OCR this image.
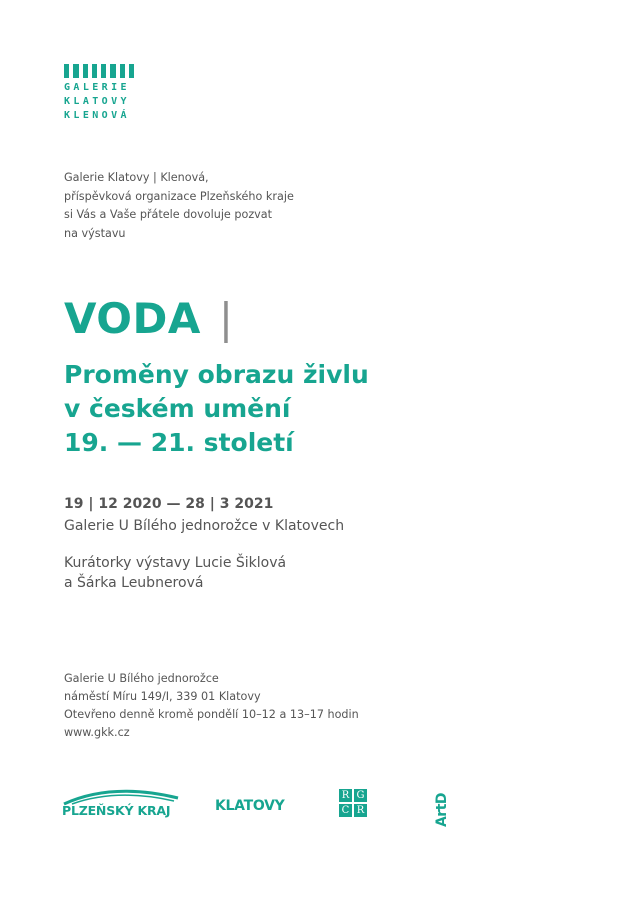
GALERIE
KLATOVY
KLENOVÁ
Galerie Klatovy | Klenová,
příspěvková organizace Plzeňského kraje
si Vás a Vaše přátele dovoluje pozvat
na výstavu
VODA |
Proměny obrazu živlu
v českém umění
19. — 21. století
19 | 12 2020 — 28 | 3 2021
Galerie U Bílého jednorožce v Klatovech
Kurátorky výstavy Lucie Šiklová
a Šárka Leubnerová
Galerie U Bílého jednorožce
náměstí Míru 149/I, 339 01 Klatovy
Otevřeno denně kromě pondělí 10–12 a 13–17 hodin
www.gkk.cz
PLZEŇSKÝ KRAJ	KLATOVY
R G
C R	ArtD
